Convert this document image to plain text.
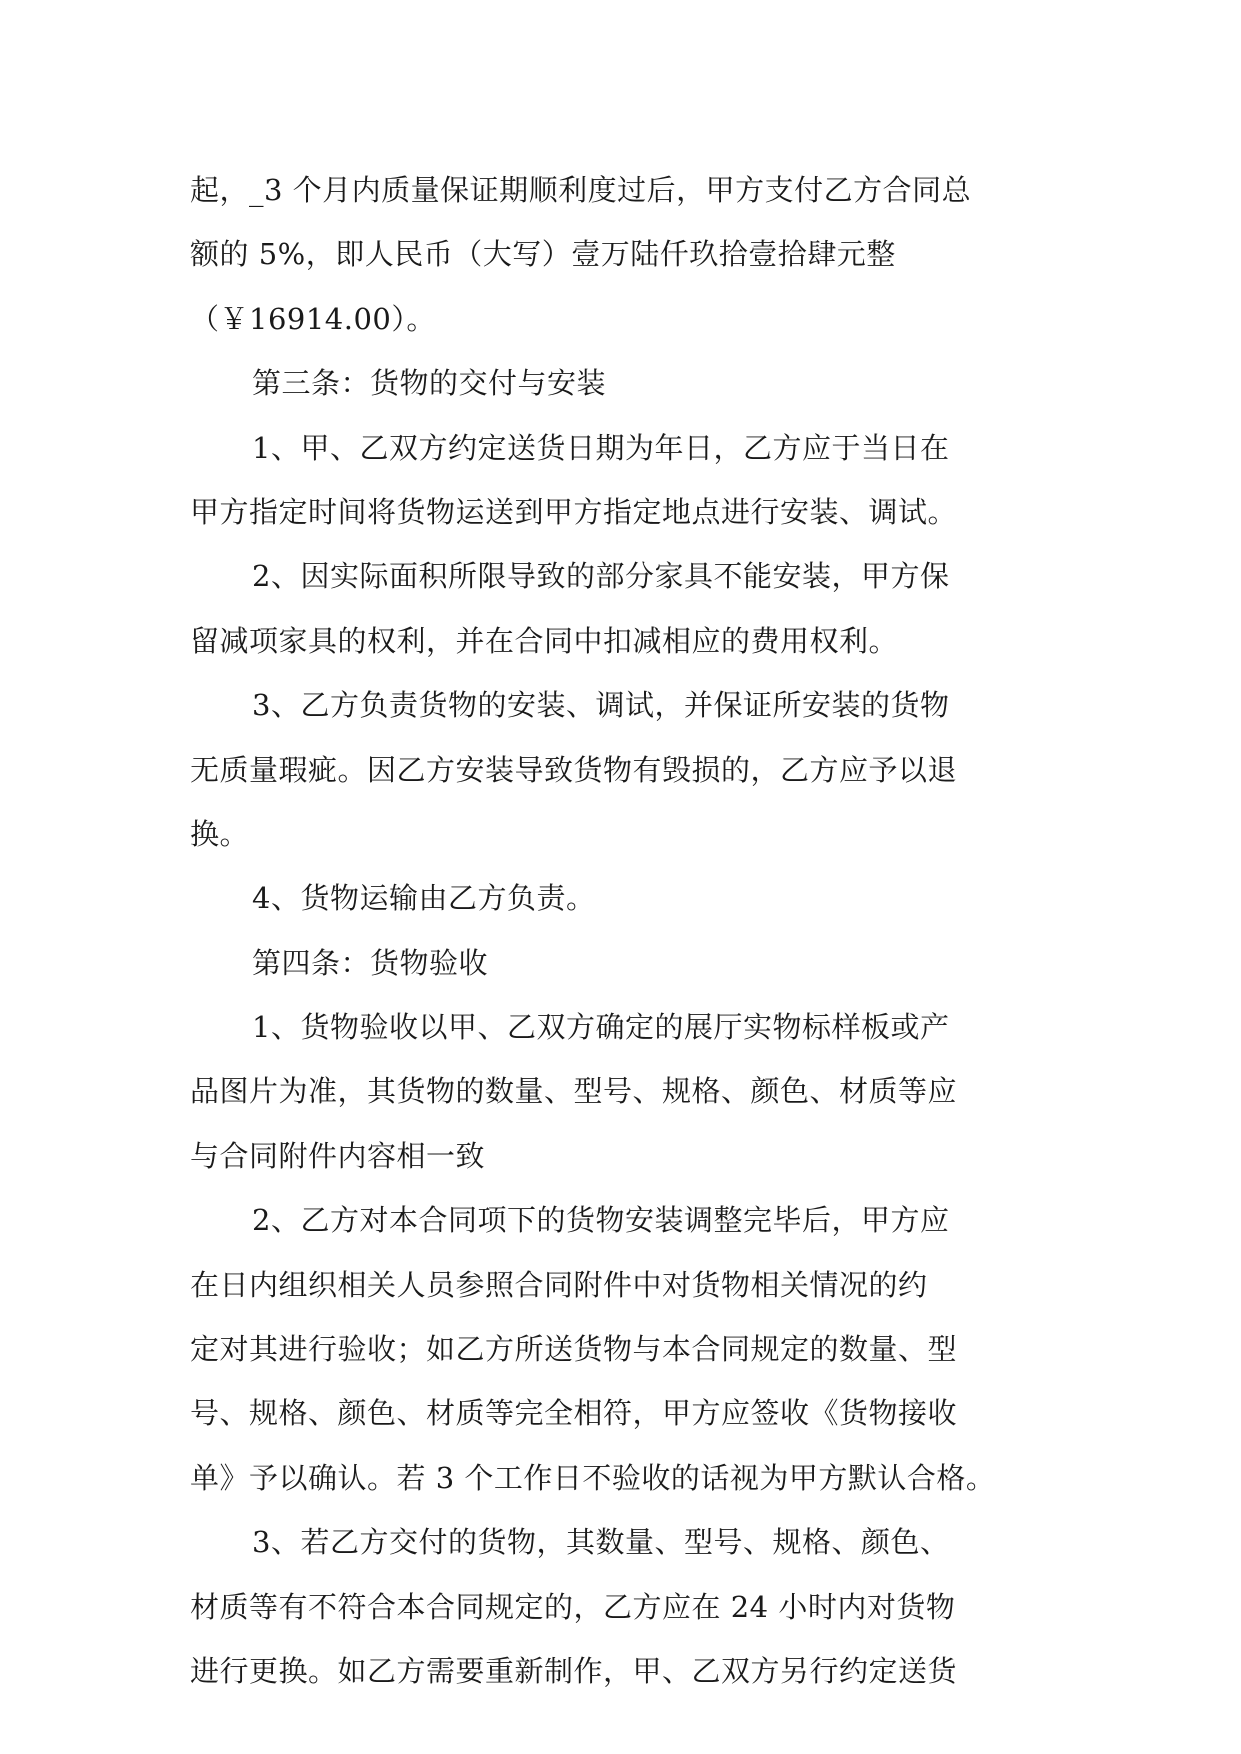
起，_3 个月内质量保证期顺利度过后，甲方支付乙方合同总
额的 5%，即人民币（大写）壹万陆仟玖拾壹拾肆元整
（￥16914.00）。
第三条：货物的交付与安装
1、甲、乙双方约定送货日期为年日，乙方应于当日在
甲方指定时间将货物运送到甲方指定地点进行安装、调试。
2、因实际面积所限导致的部分家具不能安装，甲方保
留减项家具的权利，并在合同中扣减相应的费用权利。
3、乙方负责货物的安装、调试，并保证所安装的货物
无质量瑕疵。因乙方安装导致货物有毁损的，乙方应予以退
换。
4、货物运输由乙方负责。
第四条：货物验收
1、货物验收以甲、乙双方确定的展厅实物标样板或产
品图片为准，其货物的数量、型号、规格、颜色、材质等应
与合同附件内容相一致
2、乙方对本合同项下的货物安装调整完毕后，甲方应
在日内组织相关人员参照合同附件中对货物相关情况的约
定对其进行验收；如乙方所送货物与本合同规定的数量、型
号、规格、颜色、材质等完全相符，甲方应签收《货物接收
单》予以确认。若 3 个工作日不验收的话视为甲方默认合格。
3、若乙方交付的货物，其数量、型号、规格、颜色、
材质等有不符合本合同规定的，乙方应在 24 小时内对货物
进行更换。如乙方需要重新制作，甲、乙双方另行约定送货
